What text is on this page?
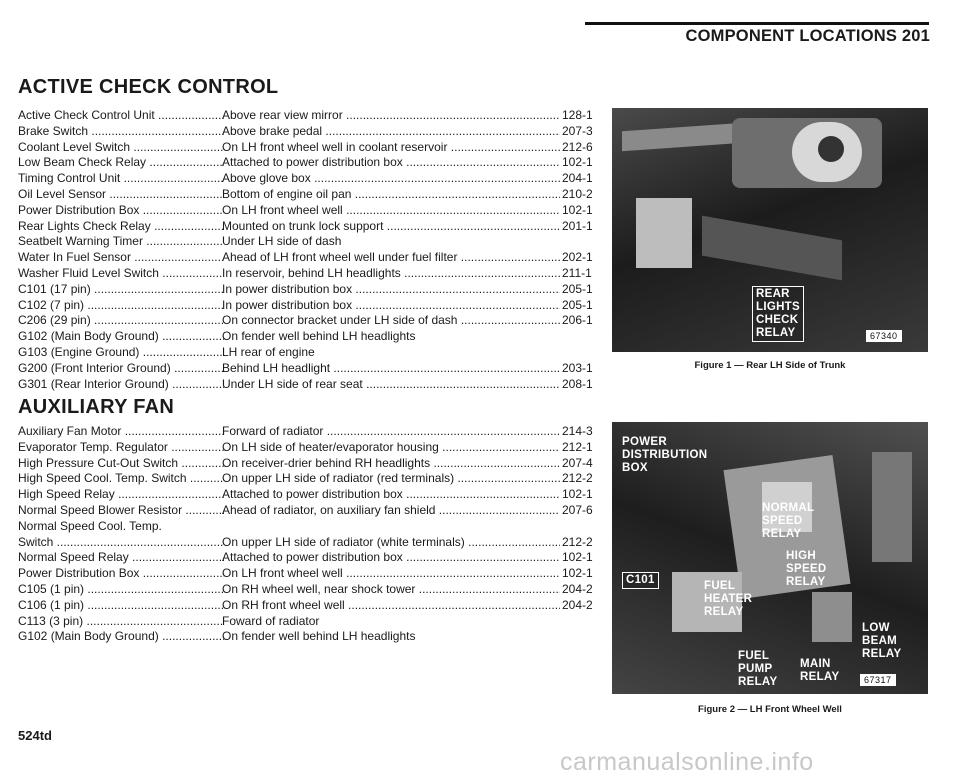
COMPONENT LOCATIONS 201
ACTIVE CHECK CONTROL
Active Check Control Unit .....	Above rear view mirror .....	128-1
Brake Switch .....	Above brake pedal .....	207-3
Coolant Level Switch .....	On LH front wheel well in coolant reservoir .....	212-6
Low Beam Check Relay .....	Attached to power distribution box .....	102-1
Timing Control Unit .....	Above glove box .....	204-1
Oil Level Sensor .....	Bottom of engine oil pan .....	210-2
Power Distribution Box .....	On LH front wheel well .....	102-1
Rear Lights Check Relay .....	Mounted on trunk lock support .....	201-1
Seatbelt Warning Timer .....	Under LH side of dash
Water In Fuel Sensor .....	Ahead of LH front wheel well under fuel filter .....	202-1
Washer Fluid Level Switch .....	In reservoir, behind LH headlights .....	211-1
C101 (17 pin) .....	In power distribution box .....	205-1
C102 (7 pin) .....	In power distribution box .....	205-1
C206 (29 pin) .....	On connector bracket under LH side of dash .....	206-1
G102 (Main Body Ground) .....	On fender well behind LH headlights
G103 (Engine Ground) .....	LH rear of engine
G200 (Front Interior Ground) .....	Behind LH headlight .....	203-1
G301 (Rear Interior Ground) .....	Under LH side of rear seat .....	208-1
AUXILIARY FAN
Auxiliary Fan Motor .....	Forward of radiator .....	214-3
Evaporator Temp. Regulator .....	On LH side of heater/evaporator housing .....	212-1
High Pressure Cut-Out Switch .....	On receiver-drier behind RH headlights .....	207-4
High Speed Cool. Temp. Switch .....	On upper LH side of radiator (red terminals) .....	212-2
High Speed Relay .....	Attached to power distribution box .....	102-1
Normal Speed Blower Resistor .....	Ahead of radiator, on auxiliary fan shield .....	207-6
Normal Speed Cool. Temp.
Switch .....	On upper LH side of radiator (white terminals) .....	212-2
Normal Speed Relay .....	Attached to power distribution box .....	102-1
Power Distribution Box .....	On LH front wheel well .....	102-1
C105 (1 pin) .....	On RH wheel well, near shock tower .....	204-2
C106 (1 pin) .....	On RH front wheel well .....	204-2
C113 (3 pin) .....	Foward of radiator
G102 (Main Body Ground) .....	On fender well behind LH headlights
REAR
LIGHTS
CHECK
RELAY	67340
Figure 1 — Rear LH Side of Trunk
POWER
DISTRIBUTION
BOX
NORMAL
SPEED
RELAY
HIGH
SPEED
RELAY
C101	FUEL
HEATER
RELAY
LOW
BEAM
RELAY
FUEL
PUMP
RELAY
MAIN
RELAY	67317
Figure 2 — LH Front Wheel Well
524td
carmanualsonline.info
